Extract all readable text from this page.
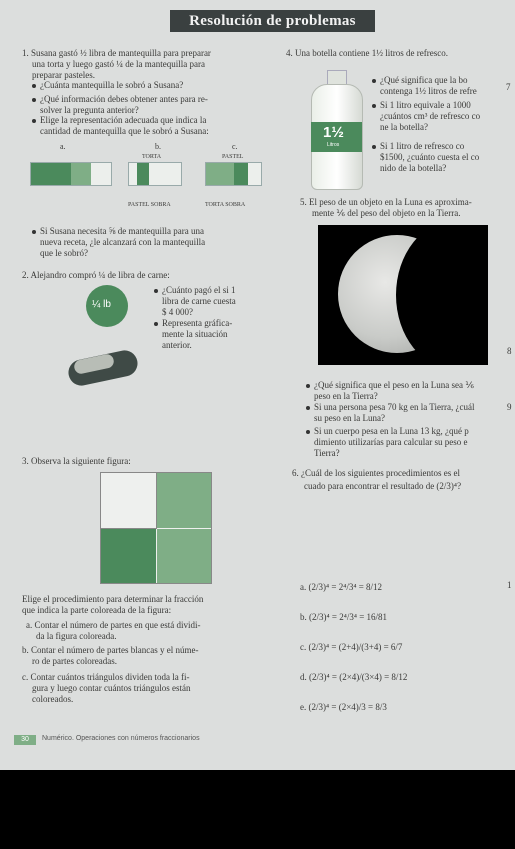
Resolución de problemas
1. Susana gastó ½ libra de mantequilla para preparar
una torta y luego gastó ¼ de la mantequilla para
preparar pasteles.
¿Cuánta mantequilla le sobró a Susana?
¿Qué información debes obtener antes para re-
solver la pregunta anterior?
Elige la representación adecuada que indica la
cantidad de mantequilla que le sobró a Susana:
a.	b.	c.
TORTA	PASTEL
PASTEL SOBRA	TORTA SOBRA
Si Susana necesita ⅝ de mantequilla para una
nueva receta, ¿le alcanzará con la mantequilla
que le sobró?
2. Alejandro compró ¼ de libra de carne:
¼ lb
¿Cuánto pagó el si 1
libra de carne cuesta
$ 4 000?
Representa gráfica-
mente la situación
anterior.
3. Observa la siguiente figura:
Elige el procedimiento para determinar la fracción
que indica la parte coloreada de la figura:
a. Contar el número de partes en que está dividi-
da la figura coloreada.
b. Contar el número de partes blancas y el núme-
ro de partes coloreadas.
c. Contar cuántos triángulos dividen toda la fi-
gura y luego contar cuántos triángulos están
coloreados.
4. Una botella contiene 1½ litros de refresco.
1½
Litros
¿Qué significa que la bo
contenga 1½ litros de refre
Si 1 litro equivale a 1000
¿cuántos cm³ de refresco co
ne la botella?
Si 1 litro de refresco co
$1500, ¿cuánto cuesta el co
nido de la botella?
5. El peso de un objeto en la Luna es aproxima-
mente ⅙ del peso del objeto en la Tierra.
¿Qué significa que el peso en la Luna sea ⅙
peso en la Tierra?
Si una persona pesa 70 kg en la Tierra, ¿cuál
su peso en la Luna?
Si un cuerpo pesa en la Luna 13 kg, ¿qué p
dimiento utilizarías para calcular su peso e
Tierra?
6. ¿Cuál de los siguientes procedimientos es el
cuado para encontrar el resultado de (2/3)⁴?
a. (2/3)⁴ = 2⁴/3⁴ = 8/12
b. (2/3)⁴ = 2⁴/3⁴ = 16/81
c. (2/3)⁴ = (2+4)/(3+4) = 6/7
d. (2/3)⁴ = (2×4)/(3×4) = 8/12
e. (2/3)⁴ = (2×4)/3 = 8/3
7
8
9
1
30	Numérico. Operaciones con números fraccionarios
